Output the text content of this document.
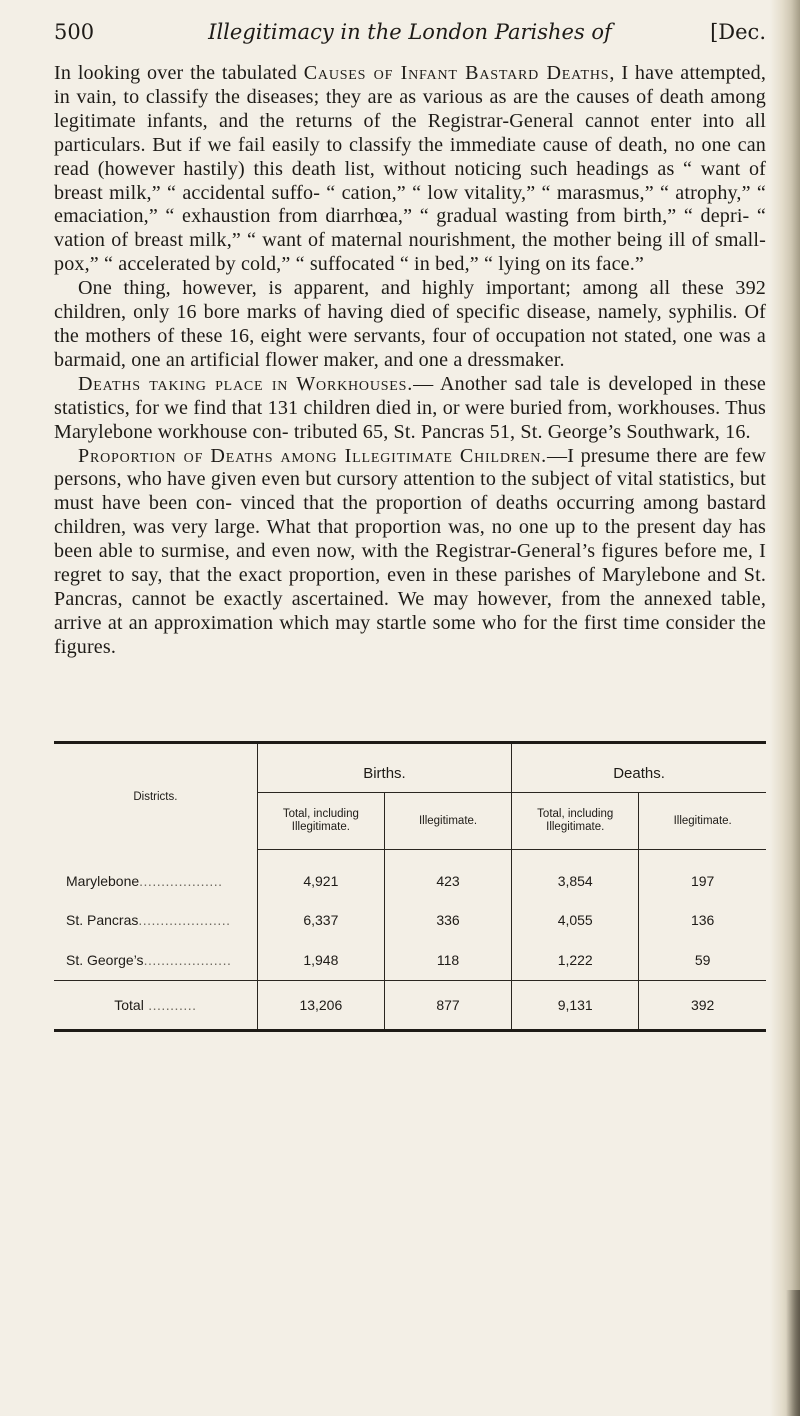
500	Illegitimacy in the London Parishes of	[Dec.

In looking over the tabulated Causes of Infant Bastard Deaths, I have attempted, in vain, to classify the diseases; they are as various as are the causes of death among legitimate infants, and the returns of the Registrar-General cannot enter into all particulars. But if we fail easily to classify the immediate cause of death, no one can read (however hastily) this death list, without noticing such headings as “ want of breast milk,” “ accidental suffo- “ cation,” “ low vitality,” “ marasmus,” “ atrophy,” “ emaciation,” “ exhaustion from diarrhœa,” “ gradual wasting from birth,” “ depri- “ vation of breast milk,” “ want of maternal nourishment, the mother being ill of small-pox,” “ accelerated by cold,” “ suffocated “ in bed,” “ lying on its face.”

One thing, however, is apparent, and highly important; among all these 392 children, only 16 bore marks of having died of specific disease, namely, syphilis. Of the mothers of these 16, eight were servants, four of occupation not stated, one was a barmaid, one an artificial flower maker, and one a dressmaker.

Deaths taking place in Workhouses.— Another sad tale is developed in these statistics, for we find that 131 children died in, or were buried from, workhouses. Thus Marylebone workhouse con- tributed 65, St. Pancras 51, St. George’s Southwark, 16.

Proportion of Deaths among Illegitimate Children.—I presume there are few persons, who have given even but cursory attention to the subject of vital statistics, but must have been con- vinced that the proportion of deaths occurring among bastard children, was very large. What that proportion was, no one up to the present day has been able to surmise, and even now, with the Registrar-General’s figures before me, I regret to say, that the exact proportion, even in these parishes of Marylebone and St. Pancras, cannot be exactly ascertained. We may however, from the annexed table, arrive at an approximation which may startle some who for the first time consider the figures.

Districts.	Births.		Deaths.	
	Total, including Illegitimate.	Illegitimate.	Total, including Illegitimate.	Illegitimate.
Marylebone...................	4,921	423	3,854	197
St. Pancras.....................	6,337	336	4,055	136
St. George’s....................	1,948	118	1,222	59
Total ...........	13,206	877	9,131	392
